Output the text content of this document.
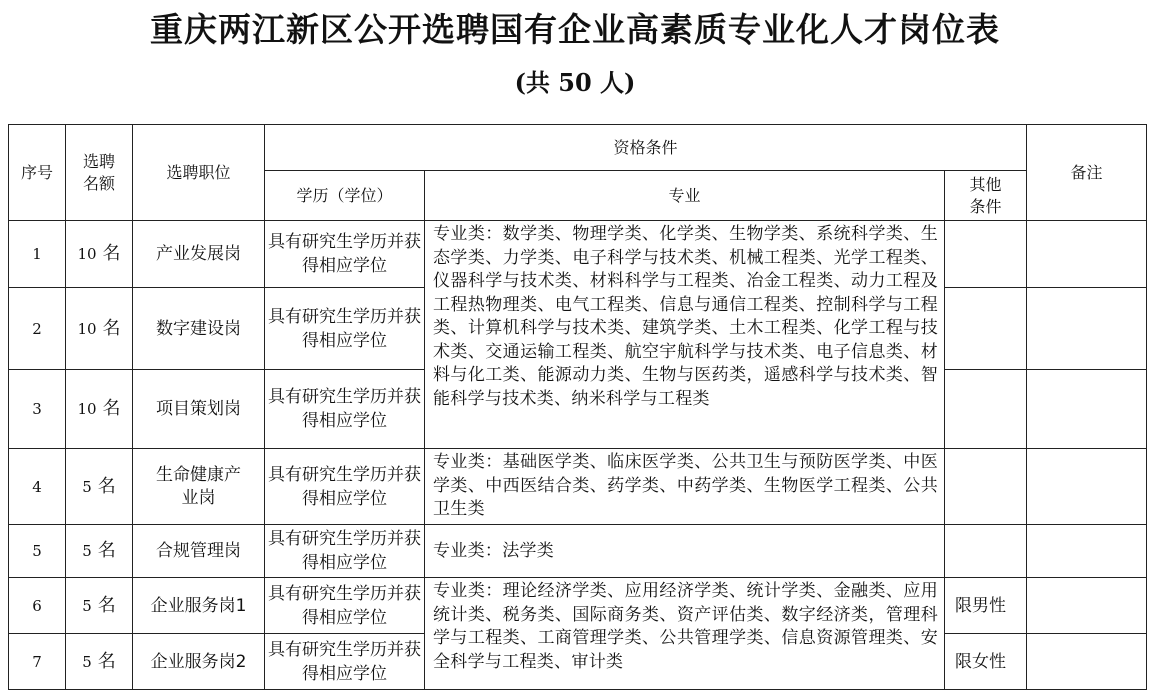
重庆两江新区公开选聘国有企业高素质专业化人才岗位表
(共 50 人)
序号	选聘名额	选聘职位	资格条件			备注
			学历（学位）	专业	其他条件	
1	$^{10}$ 名	产业发展岗	具有研究生学历并获得相应学位	专业类：数学类、物理学类、化学类、生物学类、系统科学类、生态学类、力学类、电子科学与技术类、机械工程类、光学工程类、仪器科学与技术类、材料科学与工程类、冶金工程类、动力工程及工程热物理类、电气工程类、信息与通信工程类、控制科学与工程类、计算机科学与技术类、建筑学类、土木工程类、化学工程与技术类、交通运输工程类、航空宇航科学与技术类、电子信息类、材料与化工类、能源动力类、生物与医药类，遥感科学与技术类、智能科学与技术类、纳米科学与工程类		
2	$^{10}$ 名	数字建设岗	具有研究生学历并获得相应学位			
3	$^{10}$ 名	项目策划岗	具有研究生学历并获得相应学位			
4	$^5$ 名	生命健康产业岗	具有研究生学历并获得相应学位	专业类：基础医学类、临床医学类、公共卫生与预防医学类、中医学类、中西医结合类、药学类、中药学类、生物医学工程类、公共卫生类		
5	$^5$ 名	合规管理岗	具有研究生学历并获得相应学位	专业类：法学类		
6	$^5$ 名	企业服务岗1	具有研究生学历并获得相应学位	专业类：理论经济学类、应用经济学类、统计学类、金融类、应用统计类、税务类、国际商务类、资产评估类、数字经济类，管理科学与工程类、工商管理学类、公共管理学类、信息资源管理类、安全科学与工程类、审计类	限男性	
7	$^5$ 名	企业服务岗2	具有研究生学历并获得相应学位		限女性	
